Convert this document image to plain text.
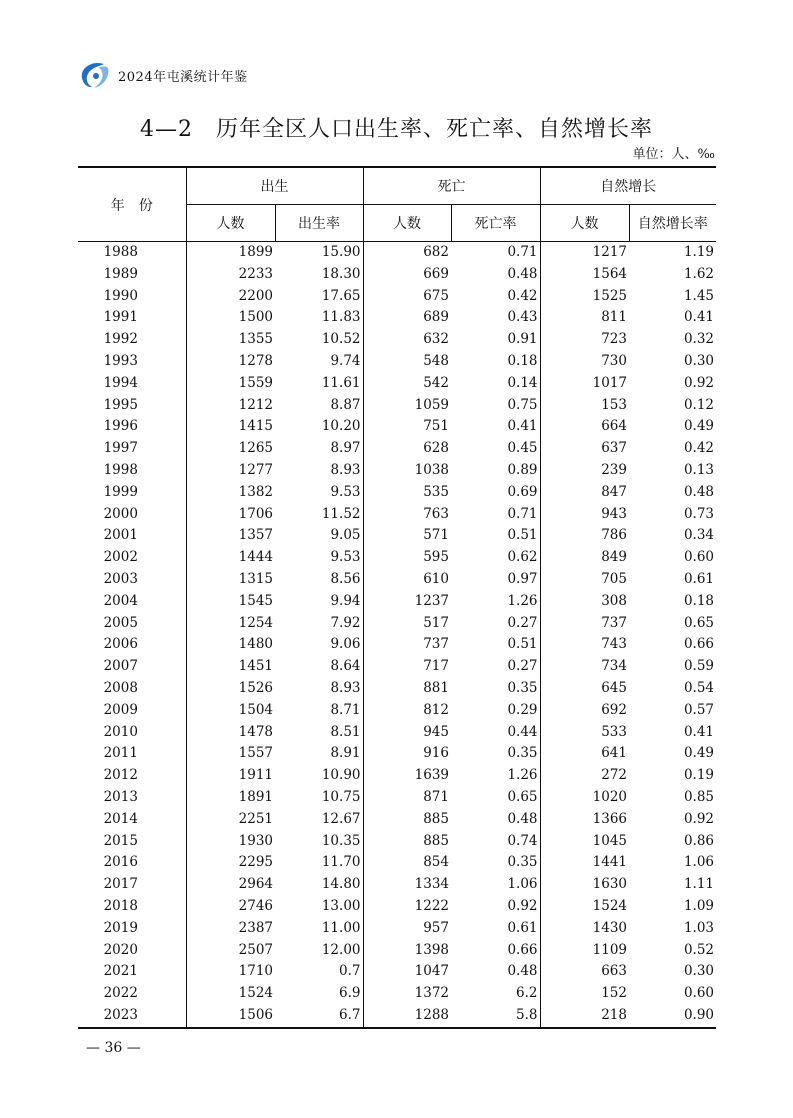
2024年屯溪统计年鉴
4—2　历年全区人口出生率、死亡率、自然增长率
单位：人、‰
年　份	出生		死亡		自然增长	
	人数	出生率	人数	死亡率	人数	自然增长率
1988	1899	15.90	682	0.71	1217	1.19
1989	2233	18.30	669	0.48	1564	1.62
1990	2200	17.65	675	0.42	1525	1.45
1991	1500	11.83	689	0.43	811	0.41
1992	1355	10.52	632	0.91	723	0.32
1993	1278	9.74	548	0.18	730	0.30
1994	1559	11.61	542	0.14	1017	0.92
1995	1212	8.87	1059	0.75	153	0.12
1996	1415	10.20	751	0.41	664	0.49
1997	1265	8.97	628	0.45	637	0.42
1998	1277	8.93	1038	0.89	239	0.13
1999	1382	9.53	535	0.69	847	0.48
2000	1706	11.52	763	0.71	943	0.73
2001	1357	9.05	571	0.51	786	0.34
2002	1444	9.53	595	0.62	849	0.60
2003	1315	8.56	610	0.97	705	0.61
2004	1545	9.94	1237	1.26	308	0.18
2005	1254	7.92	517	0.27	737	0.65
2006	1480	9.06	737	0.51	743	0.66
2007	1451	8.64	717	0.27	734	0.59
2008	1526	8.93	881	0.35	645	0.54
2009	1504	8.71	812	0.29	692	0.57
2010	1478	8.51	945	0.44	533	0.41
2011	1557	8.91	916	0.35	641	0.49
2012	1911	10.90	1639	1.26	272	0.19
2013	1891	10.75	871	0.65	1020	0.85
2014	2251	12.67	885	0.48	1366	0.92
2015	1930	10.35	885	0.74	1045	0.86
2016	2295	11.70	854	0.35	1441	1.06
2017	2964	14.80	1334	1.06	1630	1.11
2018	2746	13.00	1222	0.92	1524	1.09
2019	2387	11.00	957	0.61	1430	1.03
2020	2507	12.00	1398	0.66	1109	0.52
2021	1710	0.7	1047	0.48	663	0.30
2022	1524	6.9	1372	6.2	152	0.60
2023	1506	6.7	1288	5.8	218	0.90
— 36 —
